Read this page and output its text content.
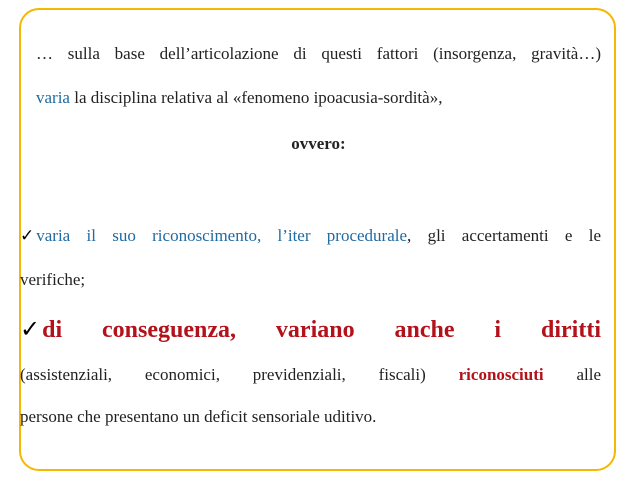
… sulla base dell’articolazione di questi fattori (insorgenza, gravità…)
varia la disciplina relativa al «fenomeno ipoacusia-sordità»,
ovvero:
✓ varia il suo riconoscimento, l’iter procedurale, gli accertamenti e le
verifiche;
✓di conseguenza, variano anche i diritti
(assistenziali, economici, previdenziali, fiscali) riconosciuti alle
persone che presentano un deficit sensoriale uditivo.
